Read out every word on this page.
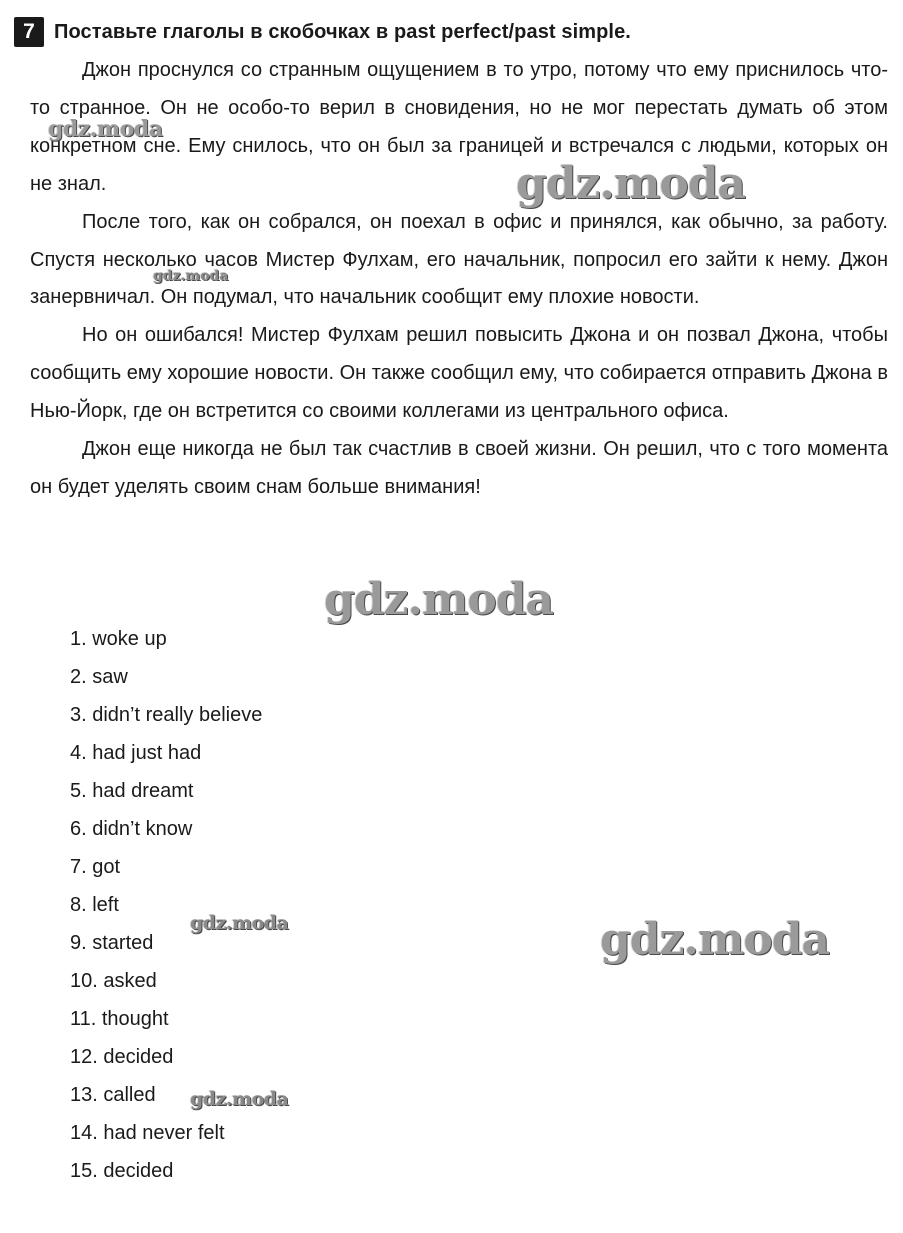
7 Поставьте глаголы в скобочках в past perfect/past simple.

Джон проснулся со странным ощущением в то утро, потому что ему приснилось что-то странное. Он не особо-то верил в сновидения, но не мог перестать думать об этом конкретном сне. Ему снилось, что он был за границей и встречался с людьми, которых он не знал.

После того, как он собрался, он поехал в офис и принялся, как обычно, за работу. Спустя несколько часов Мистер Фулхам, его начальник, попросил его зайти к нему. Джон занервничал. Он подумал, что начальник сообщит ему плохие новости.

Но он ошибался! Мистер Фулхам решил повысить Джона и он позвал Джона, чтобы сообщить ему хорошие новости. Он также сообщил ему, что собирается отправить Джона в Нью-Йорк, где он встретится со своими коллегами из центрального офиса.

Джон еще никогда не был так счастлив в своей жизни. Он решил, что с того момента он будет уделять своим снам больше внимания!

1. woke up
2. saw
3. didn’t really believe
4. had just had
5. had dreamt
6. didn’t know
7. got
8. left
9. started
10. asked
11. thought
12. decided
13. called
14. had never felt
15. decided
gdz.moda
gdz.moda
gdz.moda
gdz.moda
gdz.moda	gdz.moda
gdz.moda
